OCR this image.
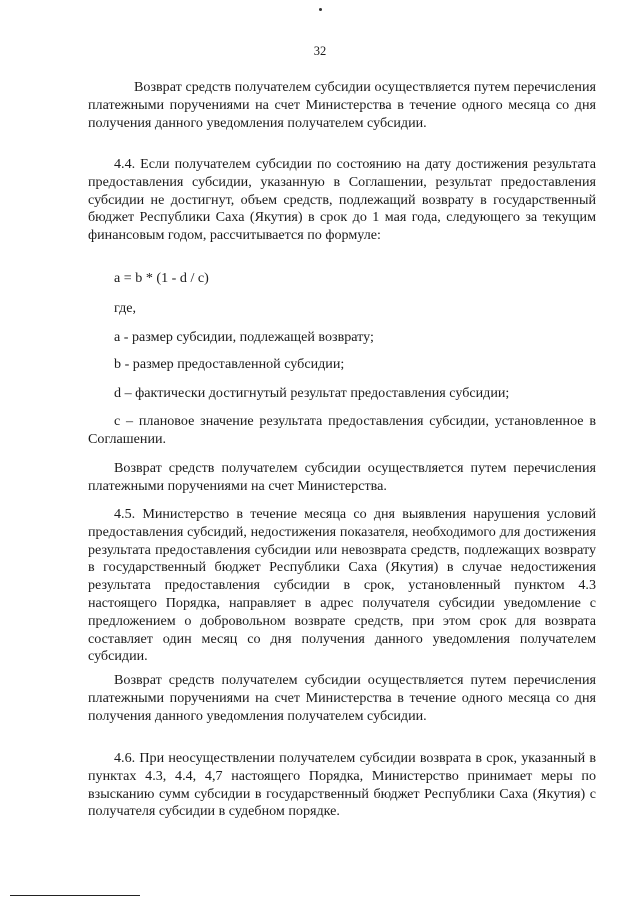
32

Возврат средств получателем субсидии осуществляется путем перечисления платежными поручениями на счет Министерства в течение одного месяца со дня получения данного уведомления получателем субсидии.

4.4. Если получателем субсидии по состоянию на дату достижения результата предоставления субсидии, указанную в Соглашении, результат предоставления субсидии не достигнут, объем средств, подлежащий возврату в государственный бюджет Республики Саха (Якутия) в срок до 1 мая года, следующего за текущим финансовым годом, рассчитывается по формуле:

a = b * (1 - d / c)
где,
a - размер субсидии, подлежащей возврату;
b - размер предоставленной субсидии;
d – фактически достигнутый результат предоставления субсидии;

c – плановое значение результата предоставления субсидии, установленное в Соглашении.

Возврат средств получателем субсидии осуществляется путем перечисления платежными поручениями на счет Министерства.

4.5. Министерство в течение месяца со дня выявления нарушения условий предоставления субсидий, недостижения показателя, необходимого для достижения результата предоставления субсидии или невозврата средств, подлежащих возврату в государственный бюджет Республики Саха (Якутия) в случае недостижения результата предоставления субсидии в срок, установленный пунктом 4.3 настоящего Порядка, направляет в адрес получателя субсидии уведомление с предложением о добровольном возврате средств, при этом срок для возврата составляет один месяц со дня получения данного уведомления получателем субсидии.

Возврат средств получателем субсидии осуществляется путем перечисления платежными поручениями на счет Министерства в течение одного месяца со дня получения данного уведомления получателем субсидии.

4.6. При неосуществлении получателем субсидии возврата в срок, указанный в пунктах 4.3, 4.4, 4,7 настоящего Порядка, Министерство принимает меры по взысканию сумм субсидии в государственный бюджет Республики Саха (Якутия) с получателя субсидии в судебном порядке.
